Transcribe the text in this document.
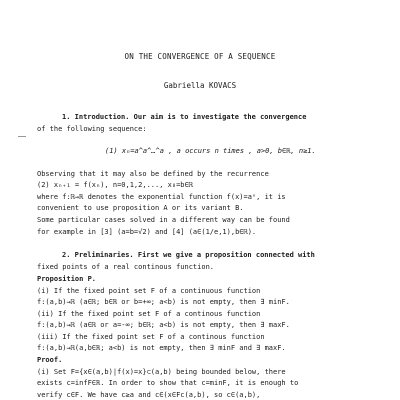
ON THE CONVERGENCE OF A SEQUENCE
Gabriella KOVACS
1. Introduction. Our aim is to investigate the convergence
of the following sequence:
(1) xₙ=a^a^…^a , a occurs n times , a>0, b∈ℝ, n≥1.
Observing that it may also be defined by the recurrence
(2) xₙ₊₁ = f(xₙ), n=0,1,2,..., x₀=b∈ℝ
where f:ℝ→ℝ denotes the exponential function f(x)=aˣ, it is
convenient to use proposition A or its variant B.
Some particular cases solved in a different way can be found
for example in [3] (a=b=√2) and [4] (a∈(1/e,1),b∈ℝ).
2. Preliminaries. First we give a proposition connected with
fixed points of a real continous function.
Proposition P.
(i) If the fixed point set F of a continuous function
f:(a,b)→ℝ (a∈ℝ; b∈ℝ or b=+∞; a<b) is not empty, then ∃ minF.
(ii) If the fixed point set F of a continous function
f:(a,b)→ℝ (a∈ℝ or a=-∞; b∈ℝ; a<b) is not empty, then ∃ maxF.
(iii) If the fixed point set F of a continous function
f:(a,b)→ℝ(a,b∈ℝ; a<b) is not empty, then ∃ minF and ∃ maxF.
Proof.
(i) Set F={x∈(a,b)|f(x)=x}⊂(a,b) being bounded below, there
exists c=infF∈ℝ. In order to show that c=minF, it is enough to
verify c∈F. We have c≥a and c∈(x∈Fc(a,b), so c∈(a,b),
